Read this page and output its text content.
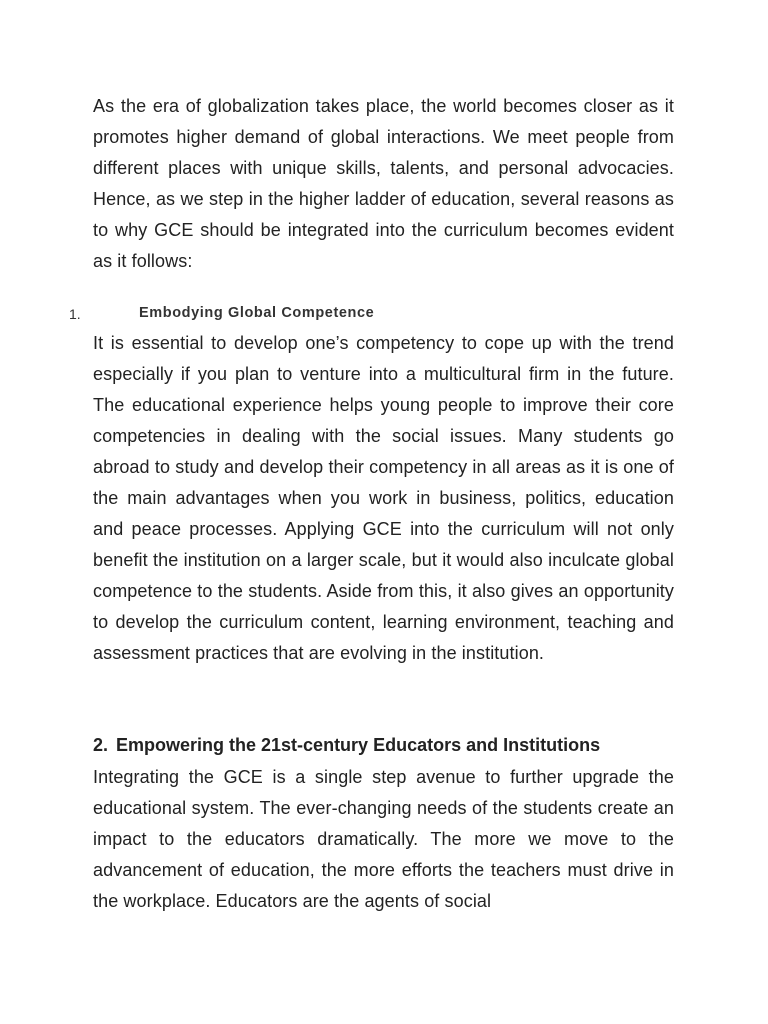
As the era of globalization takes place, the world becomes closer as it promotes higher demand of global interactions. We meet people from different places with unique skills, talents, and personal advocacies. Hence, as we step in the higher ladder of education, several reasons as to why GCE should be integrated into the curriculum becomes evident as it follows:

1.	Embodying Global Competence

It is essential to develop one’s competency to cope up with the trend especially if you plan to venture into a multicultural firm in the future. The educational experience helps young people to improve their core competencies in dealing with the social issues. Many students go abroad to study and develop their competency in all areas as it is one of the main advantages when you work in business, politics, education and peace processes. Applying GCE into the curriculum will not only benefit the institution on a larger scale, but it would also inculcate global competence to the students. Aside from this, it also gives an opportunity to develop the curriculum content, learning environment, teaching and assessment practices that are evolving in the institution.

2. Empowering the 21st-century Educators and Institutions

Integrating the GCE is a single step avenue to further upgrade the educational system. The ever-changing needs of the students create an impact to the educators dramatically. The more we move to the advancement of education, the more efforts the teachers must drive in the workplace. Educators are the agents of social
